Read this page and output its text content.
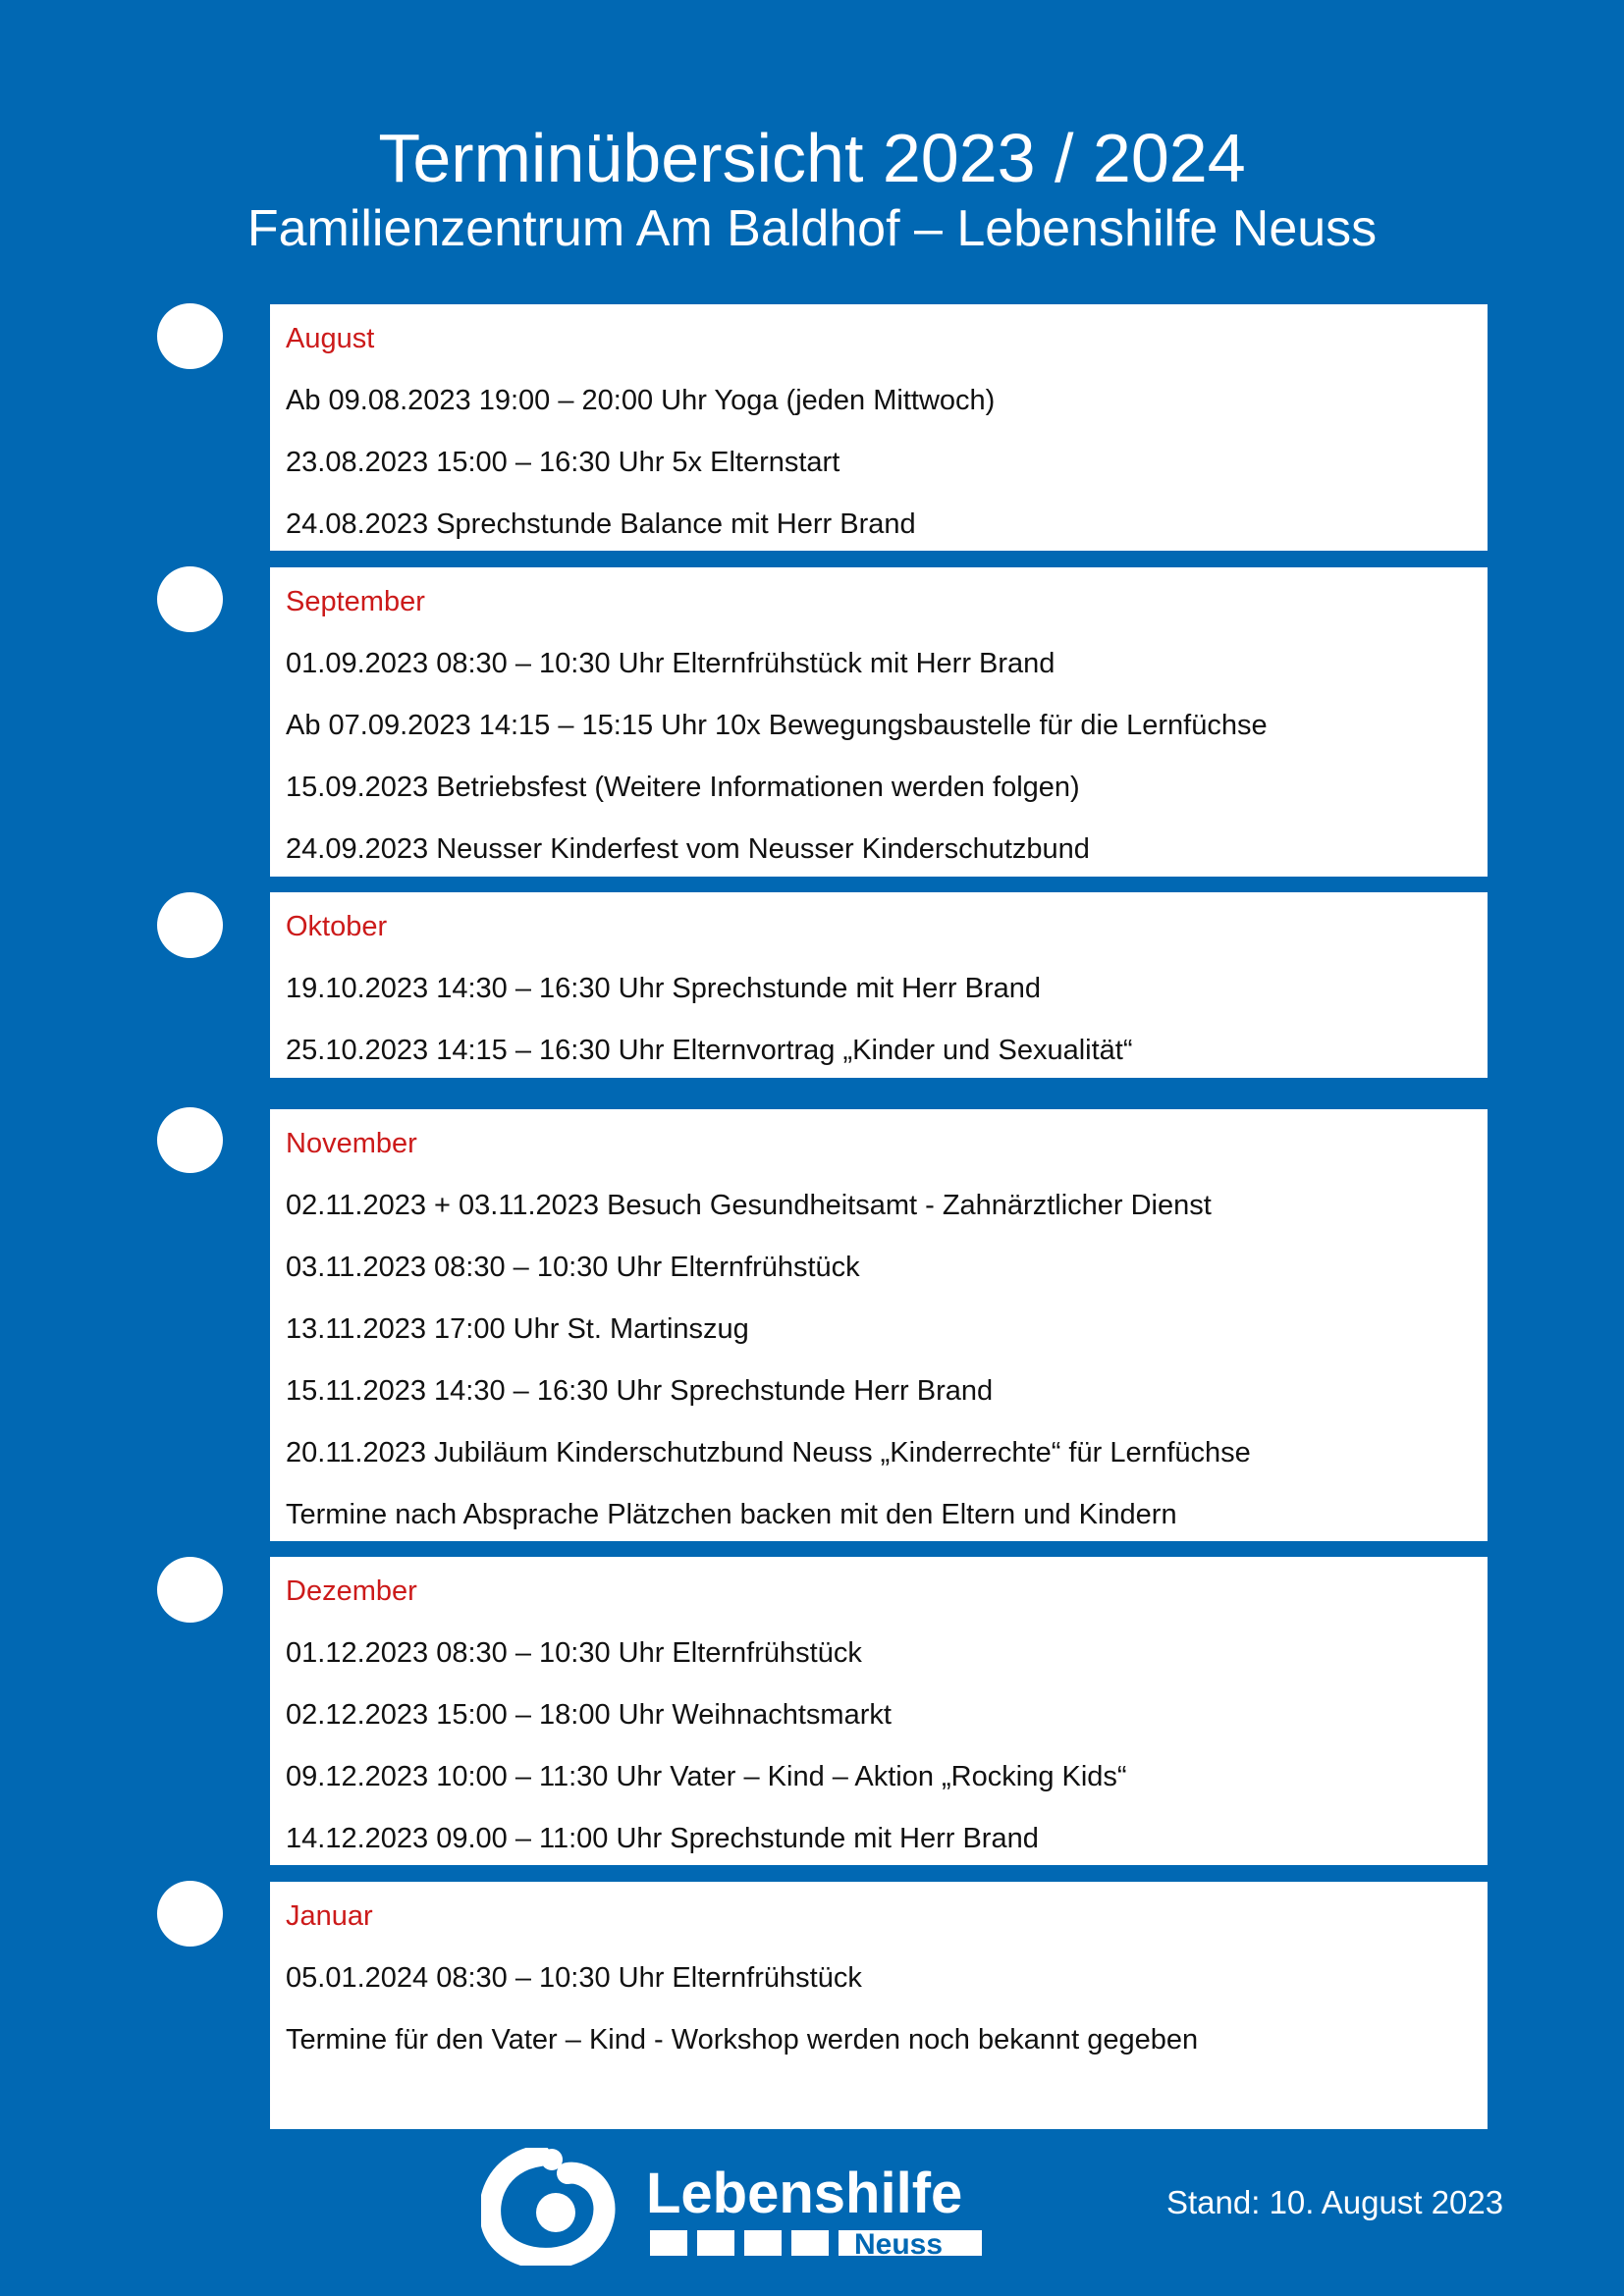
Terminübersicht 2023 / 2024
Familienzentrum Am Baldhof – Lebenshilfe Neuss
August
Ab 09.08.2023 19:00 – 20:00 Uhr Yoga (jeden Mittwoch)
23.08.2023 15:00 – 16:30 Uhr 5x Elternstart
24.08.2023 Sprechstunde Balance mit Herr Brand
September
01.09.2023 08:30 – 10:30 Uhr Elternfrühstück mit Herr Brand
Ab 07.09.2023 14:15 – 15:15 Uhr 10x Bewegungsbaustelle für die Lernfüchse
15.09.2023 Betriebsfest (Weitere Informationen werden folgen)
24.09.2023 Neusser Kinderfest vom Neusser Kinderschutzbund
Oktober
19.10.2023 14:30 – 16:30 Uhr Sprechstunde mit Herr Brand
25.10.2023 14:15 – 16:30 Uhr Elternvortrag „Kinder und Sexualität“
November
02.11.2023 + 03.11.2023 Besuch Gesundheitsamt - Zahnärztlicher Dienst
03.11.2023 08:30 – 10:30 Uhr Elternfrühstück
13.11.2023 17:00 Uhr St. Martinszug
15.11.2023 14:30 – 16:30 Uhr Sprechstunde Herr Brand
20.11.2023 Jubiläum Kinderschutzbund Neuss „Kinderrechte“ für Lernfüchse
Termine nach Absprache Plätzchen backen mit den Eltern und Kindern
Dezember
01.12.2023 08:30 – 10:30 Uhr Elternfrühstück
02.12.2023 15:00 – 18:00 Uhr Weihnachtsmarkt
09.12.2023 10:00 – 11:30 Uhr Vater – Kind – Aktion „Rocking Kids“
14.12.2023 09.00 – 11:00 Uhr Sprechstunde mit Herr Brand
Januar
05.01.2024 08:30 – 10:30 Uhr Elternfrühstück
Termine für den Vater – Kind - Workshop werden noch bekannt gegeben
Lebenshilfe
Neuss
Stand: 10. August 2023
